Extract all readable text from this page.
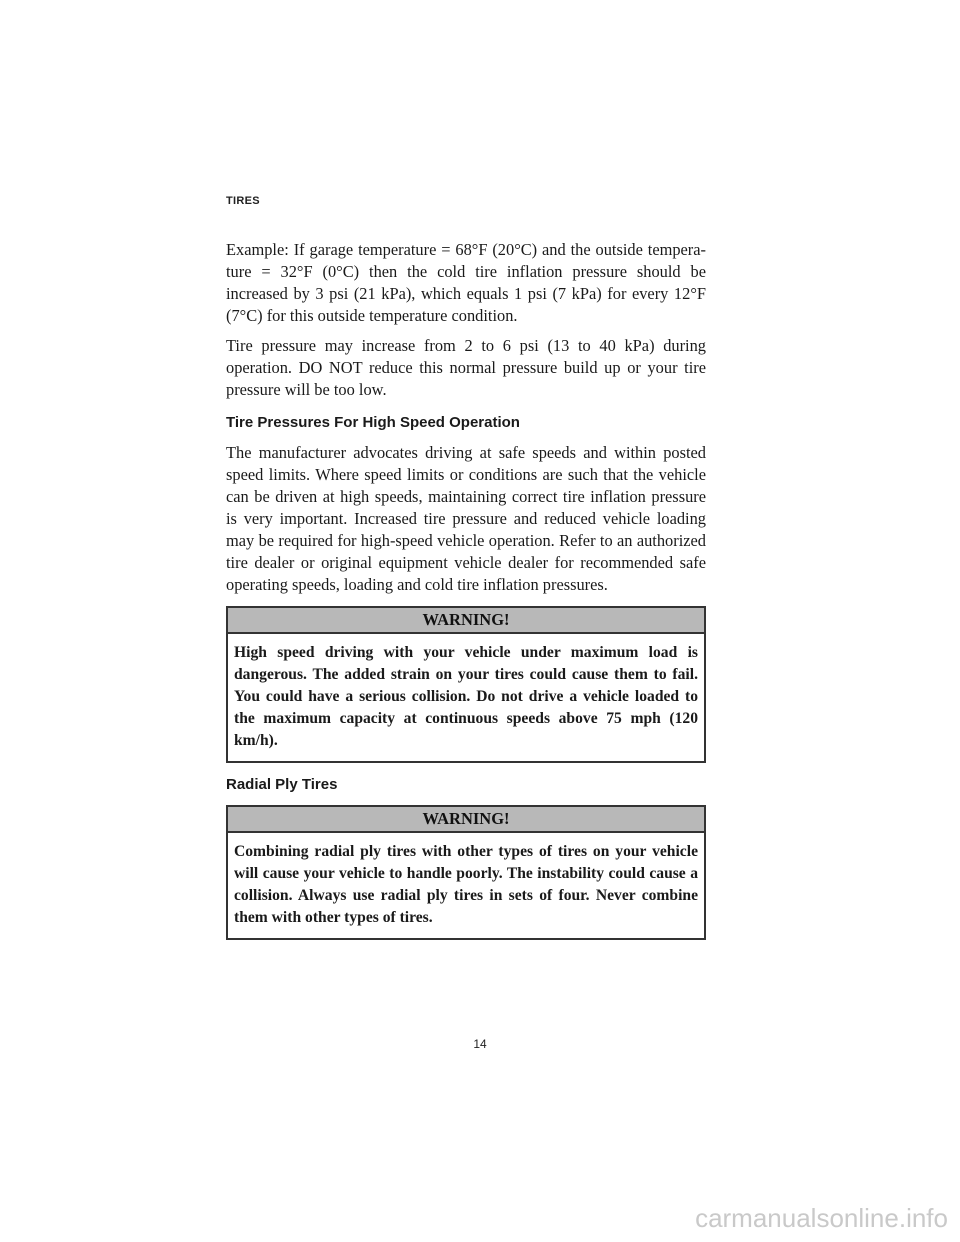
TIRES

Example: If garage temperature = 68°F (20°C) and the outside tempera-ture = 32°F (0°C) then the cold tire inflation pressure should be increased by 3 psi (21 kPa), which equals 1 psi (7 kPa) for every 12°F (7°C) for this outside temperature condition.

Tire pressure may increase from 2 to 6 psi (13 to 40 kPa) during operation. DO NOT reduce this normal pressure build up or your tire pressure will be too low.

Tire Pressures For High Speed Operation

The manufacturer advocates driving at safe speeds and within posted speed limits. Where speed limits or conditions are such that the vehicle can be driven at high speeds, maintaining correct tire inflation pressure is very important. Increased tire pressure and reduced vehicle loading may be required for high-speed vehicle operation. Refer to an authorized tire dealer or original equipment vehicle dealer for recommended safe operating speeds, loading and cold tire inflation pressures.

WARNING!
High speed driving with your vehicle under maximum load is dangerous. The added strain on your tires could cause them to fail. You could have a serious collision. Do not drive a vehicle loaded to the maximum capacity at continuous speeds above 75 mph (120 km/h).
Radial Ply Tires
WARNING!
Combining radial ply tires with other types of tires on your vehicle will cause your vehicle to handle poorly. The instability could cause a collision. Always use radial ply tires in sets of four. Never combine them with other types of tires.
14
carmanualsonline.info
